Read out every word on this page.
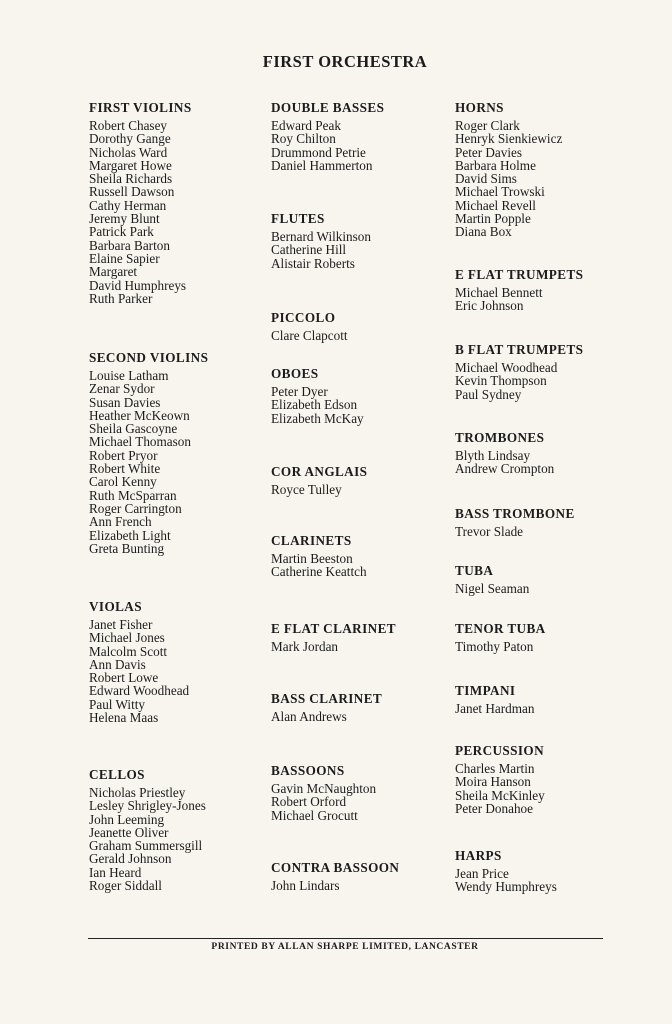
FIRST ORCHESTRA
FIRST VIOLINS
Robert Chasey
Dorothy Gange
Nicholas Ward
Margaret Howe
Sheila Richards
Russell Dawson
Cathy Herman
Jeremy Blunt
Patrick Park
Barbara Barton
Elaine Sapier
Margaret
David Humphreys
Ruth Parker
SECOND VIOLINS
Louise Latham
Zenar Sydor
Susan Davies
Heather McKeown
Sheila Gascoyne
Michael Thomason
Robert Pryor
Robert White
Carol Kenny
Ruth McSparran
Roger Carrington
Ann French
Elizabeth Light
Greta Bunting
VIOLAS
Janet Fisher
Michael Jones
Malcolm Scott
Ann Davis
Robert Lowe
Edward Woodhead
Paul Witty
Helena Maas
CELLOS
Nicholas Priestley
Lesley Shrigley-Jones
John Leeming
Jeanette Oliver
Graham Summersgill
Gerald Johnson
Ian Heard
Roger Siddall
DOUBLE BASSES
Edward Peak
Roy Chilton
Drummond Petrie
Daniel Hammerton
FLUTES
Bernard Wilkinson
Catherine Hill
Alistair Roberts
PICCOLO
Clare Clapcott
OBOES
Peter Dyer
Elizabeth Edson
Elizabeth McKay
COR ANGLAIS
Royce Tulley
CLARINETS
Martin Beeston
Catherine Keattch
E FLAT CLARINET
Mark Jordan
BASS CLARINET
Alan Andrews
BASSOONS
Gavin McNaughton
Robert Orford
Michael Grocutt
CONTRA BASSOON
John Lindars
HORNS
Roger Clark
Henryk Sienkiewicz
Peter Davies
Barbara Holme
David Sims
Michael Trowski
Michael Revell
Martin Popple
Diana Box
E FLAT TRUMPETS
Michael Bennett
Eric Johnson
B FLAT TRUMPETS
Michael Woodhead
Kevin Thompson
Paul Sydney
TROMBONES
Blyth Lindsay
Andrew Crompton
BASS TROMBONE
Trevor Slade
TUBA
Nigel Seaman
TENOR TUBA
Timothy Paton
TIMPANI
Janet Hardman
PERCUSSION
Charles Martin
Moira Hanson
Sheila McKinley
Peter Donahoe
HARPS
Jean Price
Wendy Humphreys
PRINTED BY ALLAN SHARPE LIMITED, LANCASTER
